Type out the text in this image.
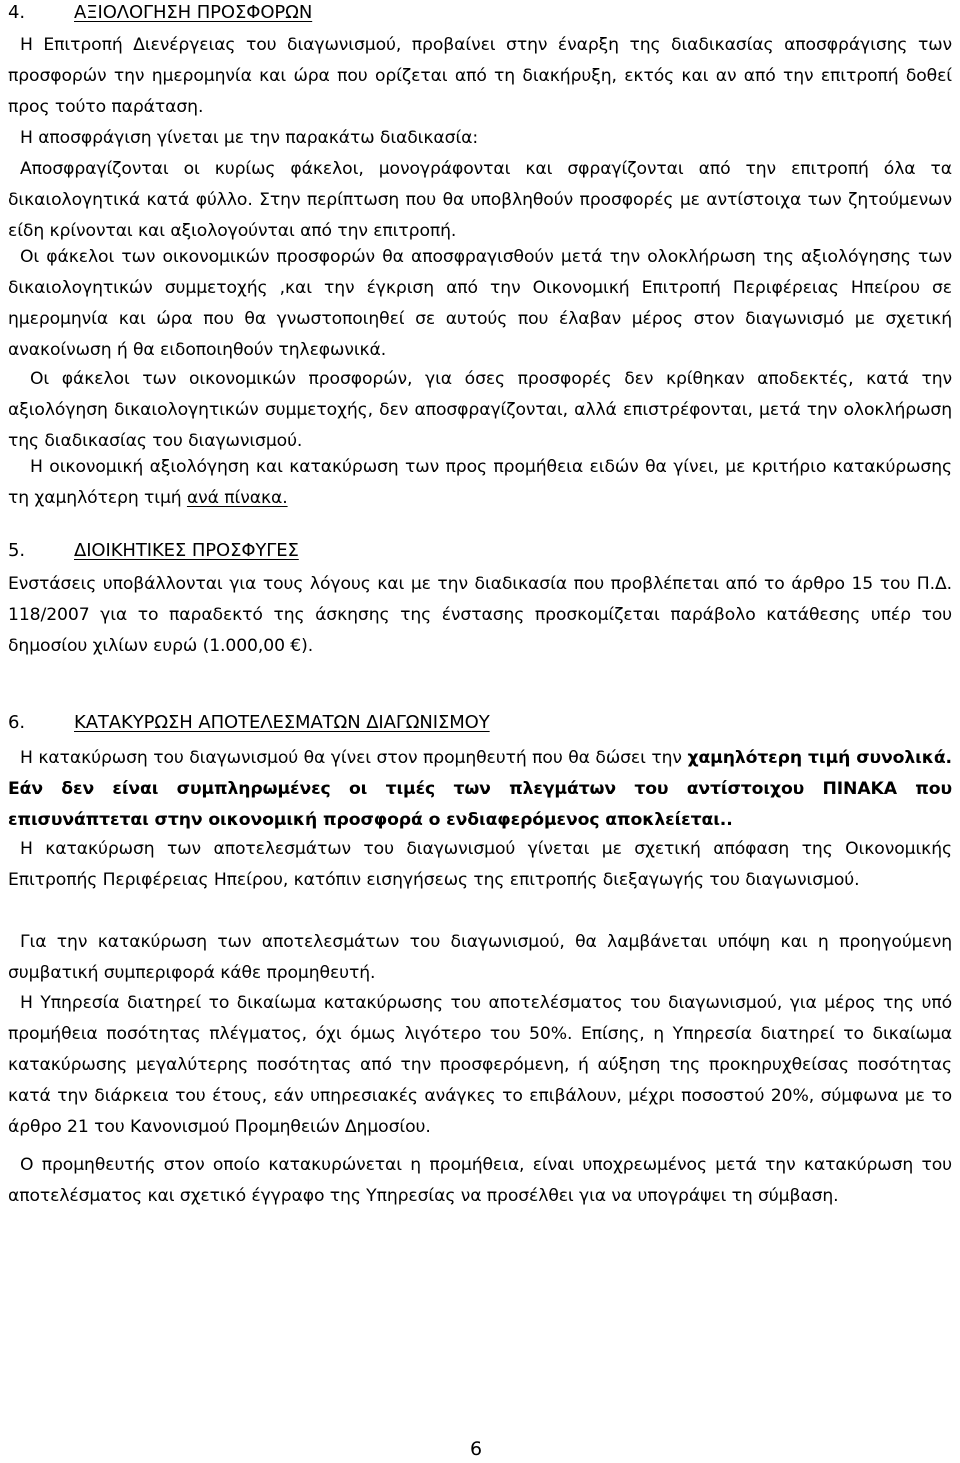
4.	ΑΞΙΟΛΟΓΗΣΗ ΠΡΟΣΦΟΡΩΝ
Η Επιτροπή Διενέργειας του διαγωνισμού, προβαίνει στην έναρξη της διαδικασίας αποσφράγισης των προσφορών την ημερομηνία και ώρα που ορίζεται από τη διακήρυξη, εκτός και αν από την επιτροπή δοθεί προς τούτο παράταση.
Η αποσφράγιση γίνεται με την παρακάτω διαδικασία:
Αποσφραγίζονται οι κυρίως φάκελοι, μονογράφονται και σφραγίζονται από την επιτροπή όλα τα δικαιολογητικά κατά φύλλο. Στην περίπτωση που θα υποβληθούν προσφορές με αντίστοιχα των ζητούμενων είδη κρίνονται και αξιολογούνται από την επιτροπή.
Οι φάκελοι των οικονομικών προσφορών θα αποσφραγισθούν μετά την ολοκλήρωση της αξιολόγησης των δικαιολογητικών συμμετοχής ,και την έγκριση από την Οικονομική Επιτροπή Περιφέρειας Ηπείρου σε ημερομηνία και ώρα που θα γνωστοποιηθεί σε αυτούς που έλαβαν μέρος στον διαγωνισμό με σχετική ανακοίνωση ή θα ειδοποιηθούν τηλεφωνικά.
Οι φάκελοι των οικονομικών προσφορών, για όσες προσφορές δεν κρίθηκαν αποδεκτές, κατά την αξιολόγηση δικαιολογητικών συμμετοχής, δεν αποσφραγίζονται, αλλά επιστρέφονται, μετά την ολοκλήρωση της διαδικασίας του διαγωνισμού.
Η οικονομική αξιολόγηση και κατακύρωση των προς προμήθεια ειδών θα γίνει, με κριτήριο κατακύρωσης τη χαμηλότερη τιμή ανά πίνακα.
5.	ΔΙΟΙΚΗΤΙΚΕΣ ΠΡΟΣΦΥΓΕΣ
Ενστάσεις υποβάλλονται για τους λόγους και με την διαδικασία που προβλέπεται από το άρθρο 15 του Π.Δ. 118/2007 για το παραδεκτό της άσκησης της ένστασης προσκομίζεται παράβολο κατάθεσης υπέρ του δημοσίου χιλίων ευρώ (1.000,00 €).
6.	ΚΑΤΑΚΥΡΩΣΗ ΑΠΟΤΕΛΕΣΜΑΤΩΝ ΔΙΑΓΩΝΙΣΜΟΥ
Η κατακύρωση του διαγωνισμού θα γίνει στον προμηθευτή που θα δώσει την χαμηλότερη τιμή συνολικά. Εάν δεν είναι συμπληρωμένες οι τιμές των πλεγμάτων του αντίστοιχου ΠΙΝΑΚΑ που επισυνάπτεται στην οικονομική προσφορά ο ενδιαφερόμενος αποκλείεται..
Η κατακύρωση των αποτελεσμάτων του διαγωνισμού γίνεται με σχετική απόφαση της Οικονομικής Επιτροπής Περιφέρειας Ηπείρου, κατόπιν εισηγήσεως της επιτροπής διεξαγωγής του διαγωνισμού.
Για την κατακύρωση των αποτελεσμάτων του διαγωνισμού, θα λαμβάνεται υπόψη και η προηγούμενη συμβατική συμπεριφορά κάθε προμηθευτή.
Η Υπηρεσία διατηρεί το δικαίωμα κατακύρωσης του αποτελέσματος του διαγωνισμού, για μέρος της υπό προμήθεια ποσότητας πλέγματος, όχι όμως λιγότερο του 50%. Επίσης, η Υπηρεσία διατηρεί το δικαίωμα κατακύρωσης μεγαλύτερης ποσότητας από την προσφερόμενη, ή αύξηση της προκηρυχθείσας ποσότητας κατά την διάρκεια του έτους, εάν υπηρεσιακές ανάγκες το επιβάλουν, μέχρι ποσοστού 20%, σύμφωνα με το άρθρο 21 του Κανονισμού Προμηθειών Δημοσίου.
Ο προμηθευτής στον οποίο κατακυρώνεται η προμήθεια, είναι υποχρεωμένος μετά την κατακύρωση του αποτελέσματος και σχετικό έγγραφο της Υπηρεσίας να προσέλθει για να υπογράψει τη σύμβαση.
6
